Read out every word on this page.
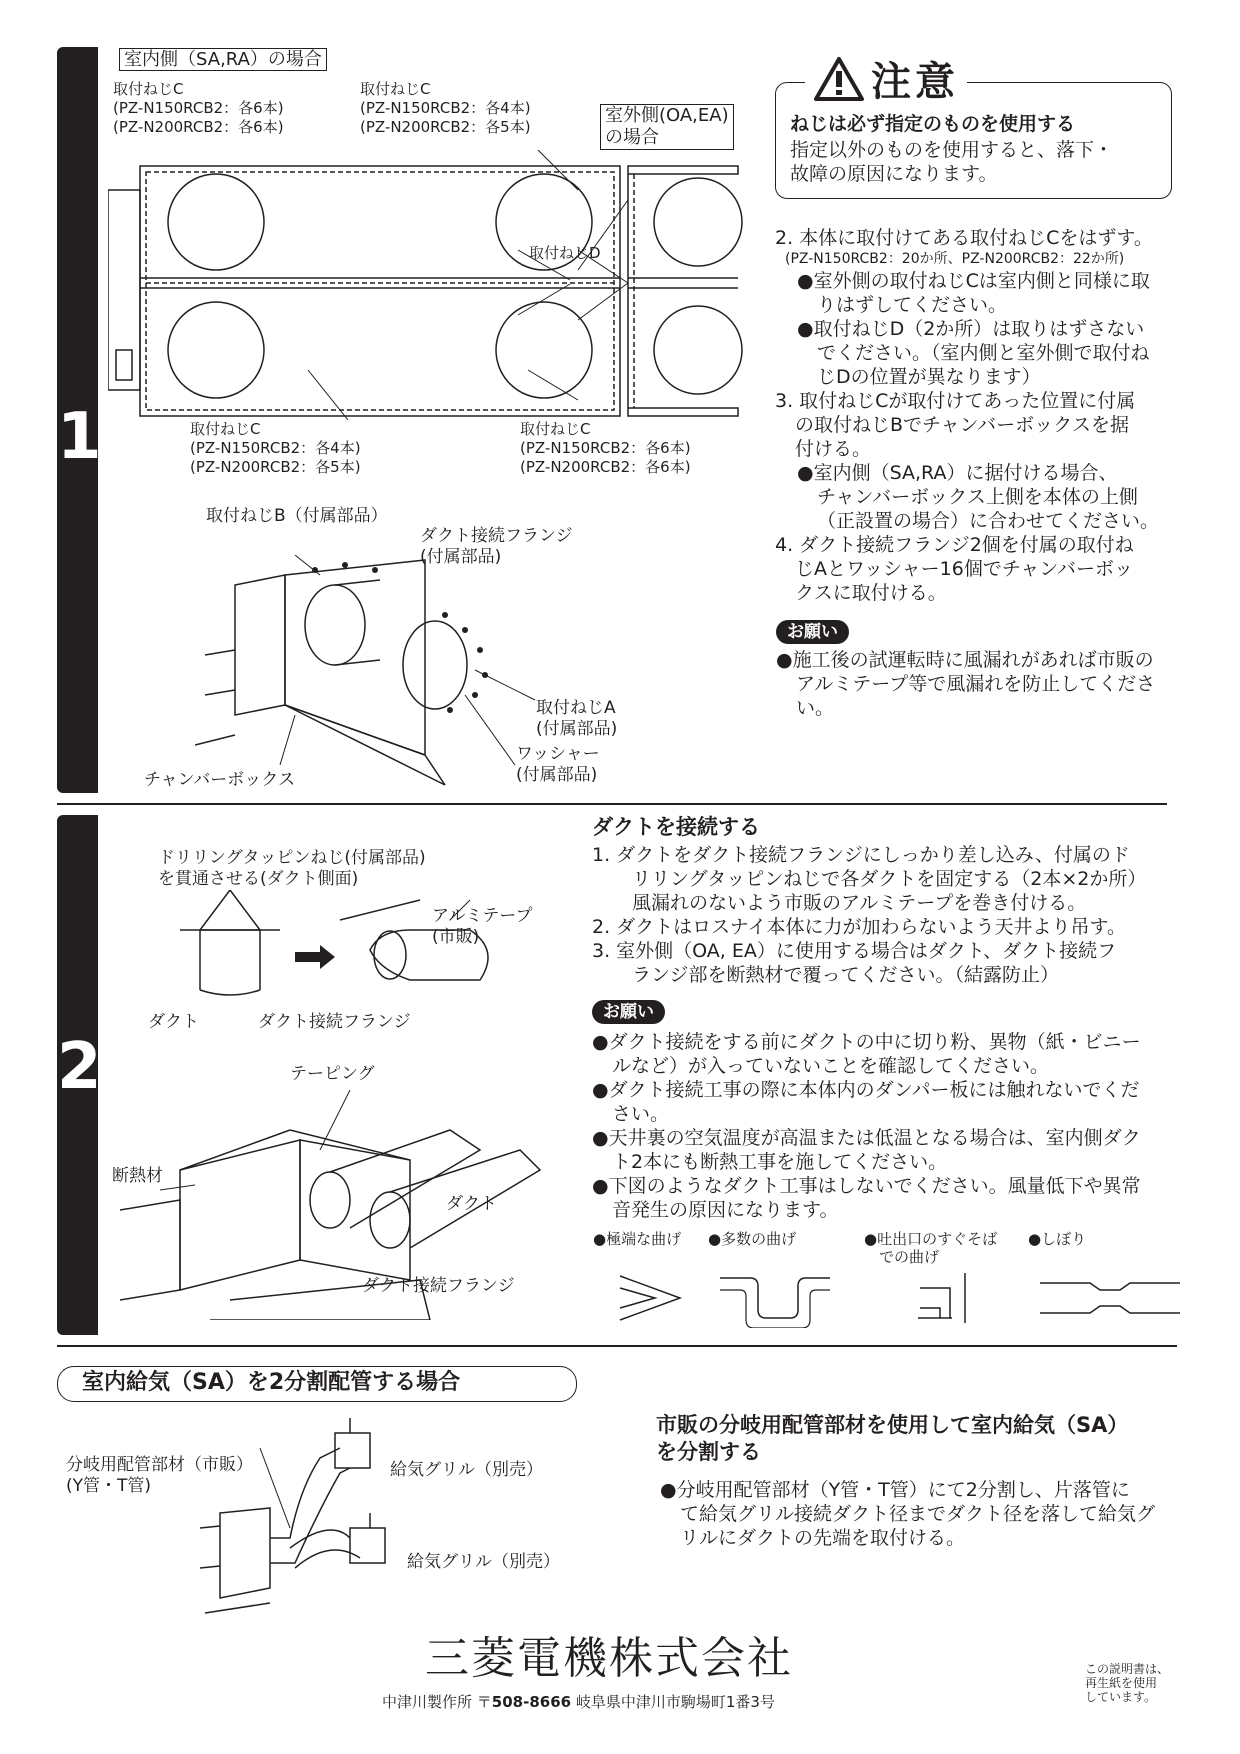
1
室内側（SA,RA）の場合
取付ねじC
(PZ-N150RCB2：各6本)
(PZ-N200RCB2：各6本)
取付ねじC
(PZ-N150RCB2：各4本)
(PZ-N200RCB2：各5本)
室外側(OA,EA)
の場合
取付ねじD
取付ねじC
(PZ-N150RCB2：各4本)
(PZ-N200RCB2：各5本)
取付ねじC
(PZ-N150RCB2：各6本)
(PZ-N200RCB2：各6本)
取付ねじB（付属部品）
ダクト接続フランジ
(付属部品)
取付ねじA
(付属部品)
ワッシャー
(付属部品)
チャンバーボックス
注意
ねじは必ず指定のものを使用する
指定以外のものを使用すると、落下・
故障の原因になります。
2. 本体に取付けてある取付ねじCをはずす。
(PZ-N150RCB2：20か所、PZ-N200RCB2：22か所)
●室外側の取付ねじCは室内側と同様に取
りはずしてください。
●取付ねじD（2か所）は取りはずさない
でください。（室内側と室外側で取付ね
じDの位置が異なります）
3. 取付ねじCが取付けてあった位置に付属
の取付ねじBでチャンバーボックスを据
付ける。
●室内側（SA,RA）に据付ける場合、
チャンバーボックス上側を本体の上側
（正設置の場合）に合わせてください。
4. ダクト接続フランジ2個を付属の取付ね
じAとワッシャー16個でチャンバーボッ
クスに取付ける。
お願い
●施工後の試運転時に風漏れがあれば市販の
アルミテープ等で風漏れを防止してくださ
い。
2
ドリリングタッピンねじ(付属部品)
を貫通させる(ダクト側面)
アルミテープ
(市販)
ダクト	ダクト接続フランジ
テーピング
断熱材
ダクト
ダクト接続フランジ
ダクトを接続する
1. ダクトをダクト接続フランジにしっかり差し込み、付属のド
リリングタッピンねじで各ダクトを固定する（2本×2か所）
風漏れのないよう市販のアルミテープを巻き付ける。
2. ダクトはロスナイ本体に力が加わらないよう天井より吊す。
3. 室外側（OA, EA）に使用する場合はダクト、ダクト接続フ
ランジ部を断熱材で覆ってください。（結露防止）
お願い
●ダクト接続をする前にダクトの中に切り粉、異物（紙・ビニー
ルなど）が入っていないことを確認してください。
●ダクト接続工事の際に本体内のダンパー板には触れないでくだ
さい。
●天井裏の空気温度が高温または低温となる場合は、室内側ダク
ト2本にも断熱工事を施してください。
●下図のようなダクト工事はしないでください。風量低下や異常
音発生の原因になります。
●極端な曲げ ●多数の曲げ	●吐出口のすぐそば
での曲げ
●しぼり
室内給気（SA）を2分割配管する場合
分岐用配管部材（市販）
(Y管・T管)
給気グリル（別売）
給気グリル（別売）
市販の分岐用配管部材を使用して室内給気（SA）
を分割する
●分岐用配管部材（Y管・T管）にて2分割し、片落管に
て給気グリル接続ダクト径までダクト径を落して給気グ
リルにダクトの先端を取付ける。
三菱電機株式会社
中津川製作所 〒508-8666 岐阜県中津川市駒場町1番3号
この説明書は、
再生紙を使用
しています。
